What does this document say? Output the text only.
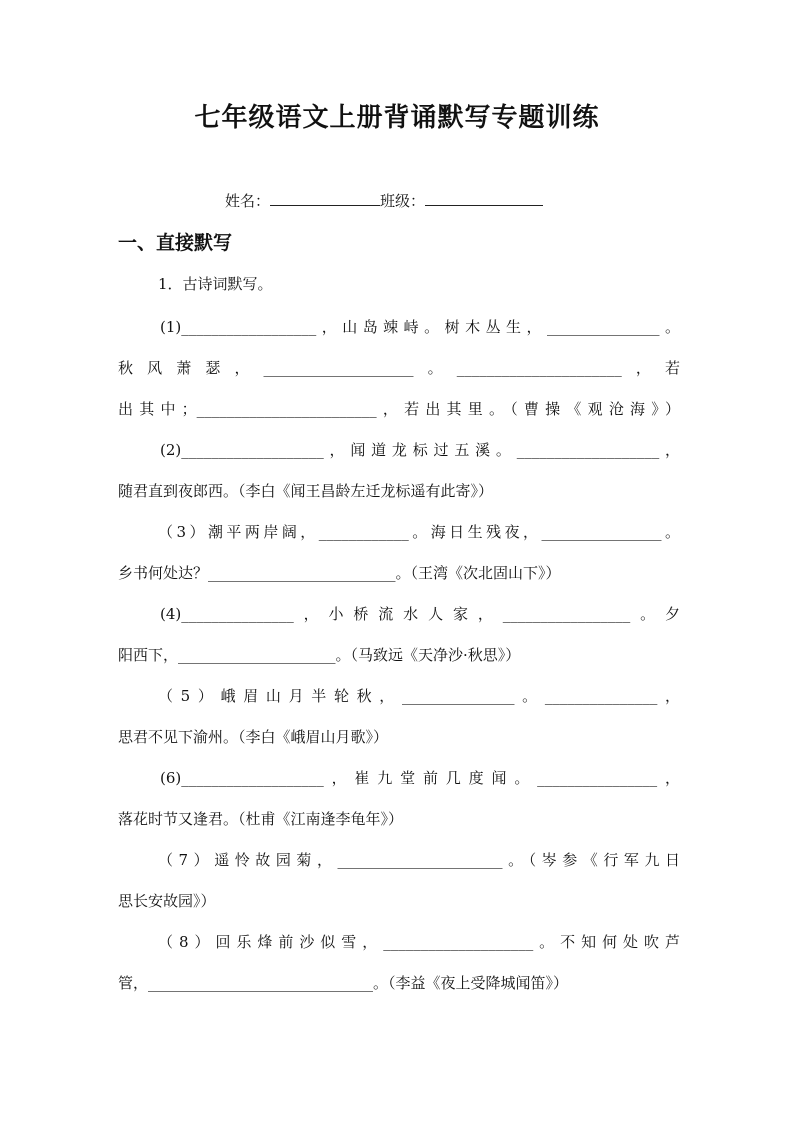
七年级语文上册背诵默写专题训练
姓名：	班级：
一、直接默写
1．古诗词默写。
(1)__________________，山岛竦峙。树木丛生，_______________。
秋风萧瑟，____________________。______________________，若
出其中；________________________，若出其里。（曹操《观沧海》）
(2)___________________，闻道龙标过五溪。___________________，
随君直到夜郎西。（李白《闻王昌龄左迁龙标遥有此寄》）
（3）潮平两岸阔，____________。海日生残夜，________________。
乡书何处达？_________________________。（王湾《次北固山下》）
(4)_______________，小桥流水人家，_________________。夕
阳西下，_____________________。（马致远《天净沙·秋思》）
（5）峨眉山月半轮秋，_______________。_______________，
思君不见下渝州。（李白《峨眉山月歌》）
(6)___________________，崔九堂前几度闻。________________，
落花时节又逢君。（杜甫《江南逢李龟年》）
（7）遥怜故园菊，______________________。（岑参《行军九日
思长安故园》）
（8）回乐烽前沙似雪，____________________。不知何处吹芦
管，______________________________。（李益《夜上受降城闻笛》）
